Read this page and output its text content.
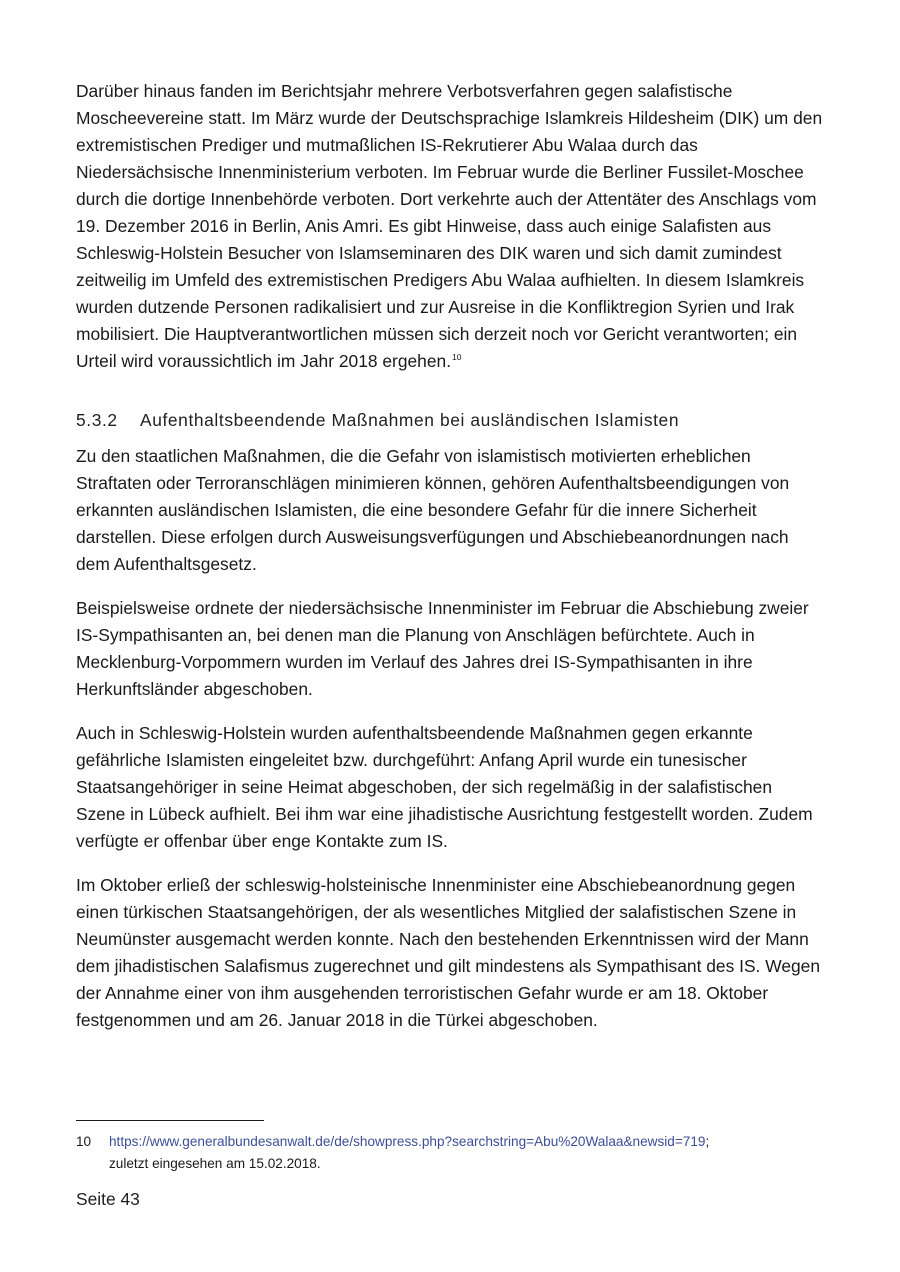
Darüber hinaus fanden im Berichtsjahr mehrere Verbotsverfahren gegen salafistische Moscheevereine statt. Im März wurde der Deutschsprachige Islamkreis Hildesheim (DIK) um den extremistischen Prediger und mutmaßlichen IS-Rekrutierer Abu Walaa durch das Niedersächsische Innenministerium verboten. Im Februar wurde die Berliner Fussilet-Moschee durch die dortige Innenbehörde verboten. Dort verkehrte auch der Attentäter des Anschlags vom 19. Dezember 2016 in Berlin, Anis Amri. Es gibt Hinweise, dass auch einige Salafisten aus Schleswig-Holstein Besucher von Islamseminaren des DIK waren und sich damit zumindest zeitweilig im Umfeld des extremistischen Predigers Abu Walaa aufhielten. In diesem Islamkreis wurden dutzende Personen radikalisiert und zur Ausreise in die Konfliktregion Syrien und Irak mobilisiert. Die Hauptverantwortlichen müssen sich derzeit noch vor Gericht verantworten; ein Urteil wird voraussichtlich im Jahr 2018 ergehen.$^{10}$

5.3.2	Aufenthaltsbeendende Maßnahmen bei ausländischen Islamisten

Zu den staatlichen Maßnahmen, die die Gefahr von islamistisch motivierten erheblichen Straftaten oder Terroranschlägen minimieren können, gehören Aufenthaltsbeendigungen von erkannten ausländischen Islamisten, die eine besondere Gefahr für die innere Sicherheit darstellen. Diese erfolgen durch Ausweisungsverfügungen und Abschiebeanordnungen nach dem Aufenthaltsgesetz.

Beispielsweise ordnete der niedersächsische Innenminister im Februar die Abschiebung zweier IS-Sympathisanten an, bei denen man die Planung von Anschlägen befürchtete. Auch in Mecklenburg-Vorpommern wurden im Verlauf des Jahres drei IS-Sympathisanten in ihre Herkunftsländer abgeschoben.

Auch in Schleswig-Holstein wurden aufenthaltsbeendende Maßnahmen gegen erkannte gefährliche Islamisten eingeleitet bzw. durchgeführt: Anfang April wurde ein tunesischer Staatsangehöriger in seine Heimat abgeschoben, der sich regelmäßig in der salafistischen Szene in Lübeck aufhielt. Bei ihm war eine jihadistische Ausrichtung festgestellt worden. Zudem verfügte er offenbar über enge Kontakte zum IS.

Im Oktober erließ der schleswig-holsteinische Innenminister eine Abschiebeanordnung gegen einen türkischen Staatsangehörigen, der als wesentliches Mitglied der salafistischen Szene in Neumünster ausgemacht werden konnte. Nach den bestehenden Erkenntnissen wird der Mann dem jihadistischen Salafismus zugerechnet und gilt mindestens als Sympathisant des IS. Wegen der Annahme einer von ihm ausgehenden terroristischen Gefahr wurde er am 18. Oktober festgenommen und am 26. Januar 2018 in die Türkei abgeschoben.

10	https://www.generalbundesanwalt.de/de/showpress.php?searchstring=Abu%20Walaa&newsid=719;
zuletzt eingesehen am 15.02.2018.
Seite 43
